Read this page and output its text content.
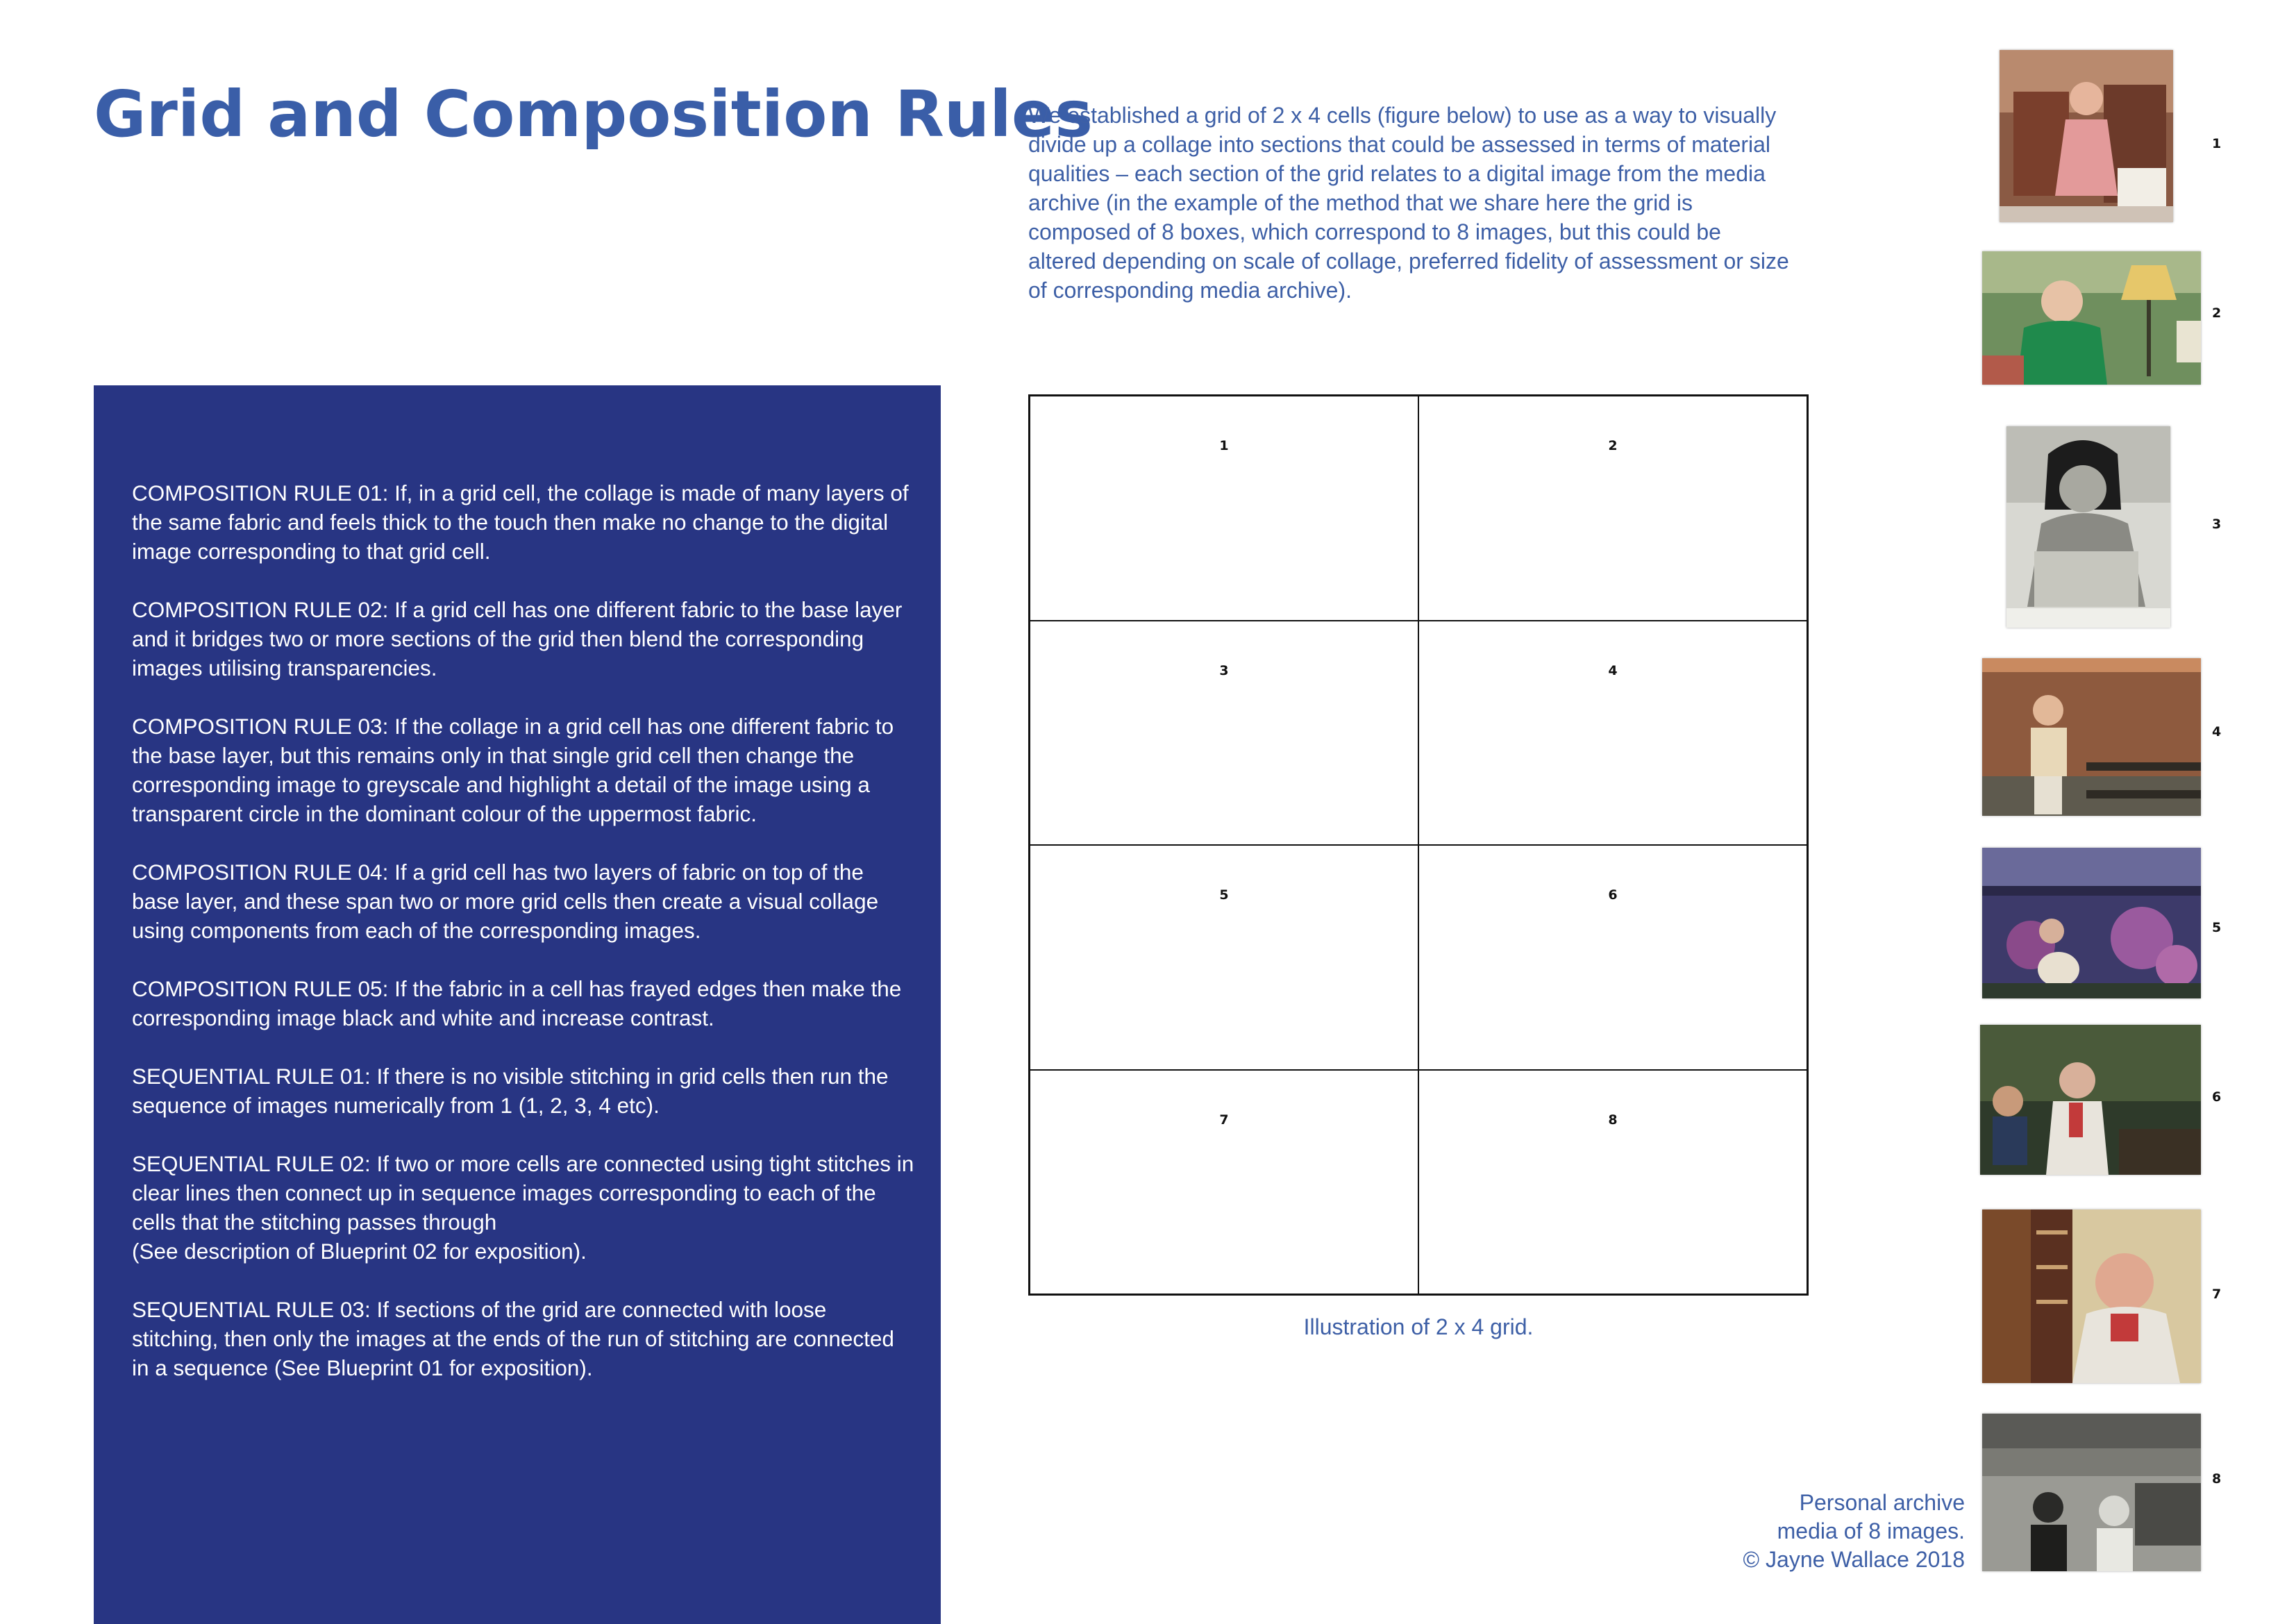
Grid and Composition Rules

We established a grid of 2 x 4 cells (figure below) to use as a way to visually divide up a collage into sections that could be assessed in terms of material qualities – each section of the grid relates to a digital image from the media archive (in the example of the method that we share here the grid is composed of 8 boxes, which correspond to 8 images, but this could be altered depending on scale of collage, preferred fidelity of assessment or size of corresponding media archive).

COMPOSITION RULE 01: If, in a grid cell, the collage is made of many layers of the same fabric and feels thick to the touch then make no change to the digital image corresponding to that grid cell.

COMPOSITION RULE 02: If a grid cell has one different fabric to the base layer and it bridges two or more sections of the grid then blend the corresponding images utilising transparencies.

COMPOSITION RULE 03: If the collage in a grid cell has one different fabric to the base layer, but this remains only in that single grid cell then change the corresponding image to greyscale and highlight a detail of the image using a transparent circle in the dominant colour of the uppermost fabric.

COMPOSITION RULE 04: If a grid cell has two layers of fabric on top of the base layer, and these span two or more grid cells then create a visual collage using components from each of the corresponding images.

COMPOSITION RULE 05: If the fabric in a cell has frayed edges then make the corresponding image black and white and increase contrast.

SEQUENTIAL RULE 01: If there is no visible stitching in grid cells then run the sequence of images numerically from 1 (1, 2, 3, 4 etc).

SEQUENTIAL RULE 02: If two or more cells are connected using tight stitches in clear lines then connect up in sequence images corresponding to each of the cells that the stitching passes through
(See description of Blueprint 02 for exposition).

SEQUENTIAL RULE 03: If sections of the grid are connected with loose stitching, then only the images at the ends of the run of stitching are connected in a sequence (See Blueprint 01 for exposition).

1	2
3	4
5	6
7	8

Illustration of 2 x 4 grid.

1
2
3
4
5
6
7
8

Personal archive
media of 8 images.
© Jayne Wallace 2018
